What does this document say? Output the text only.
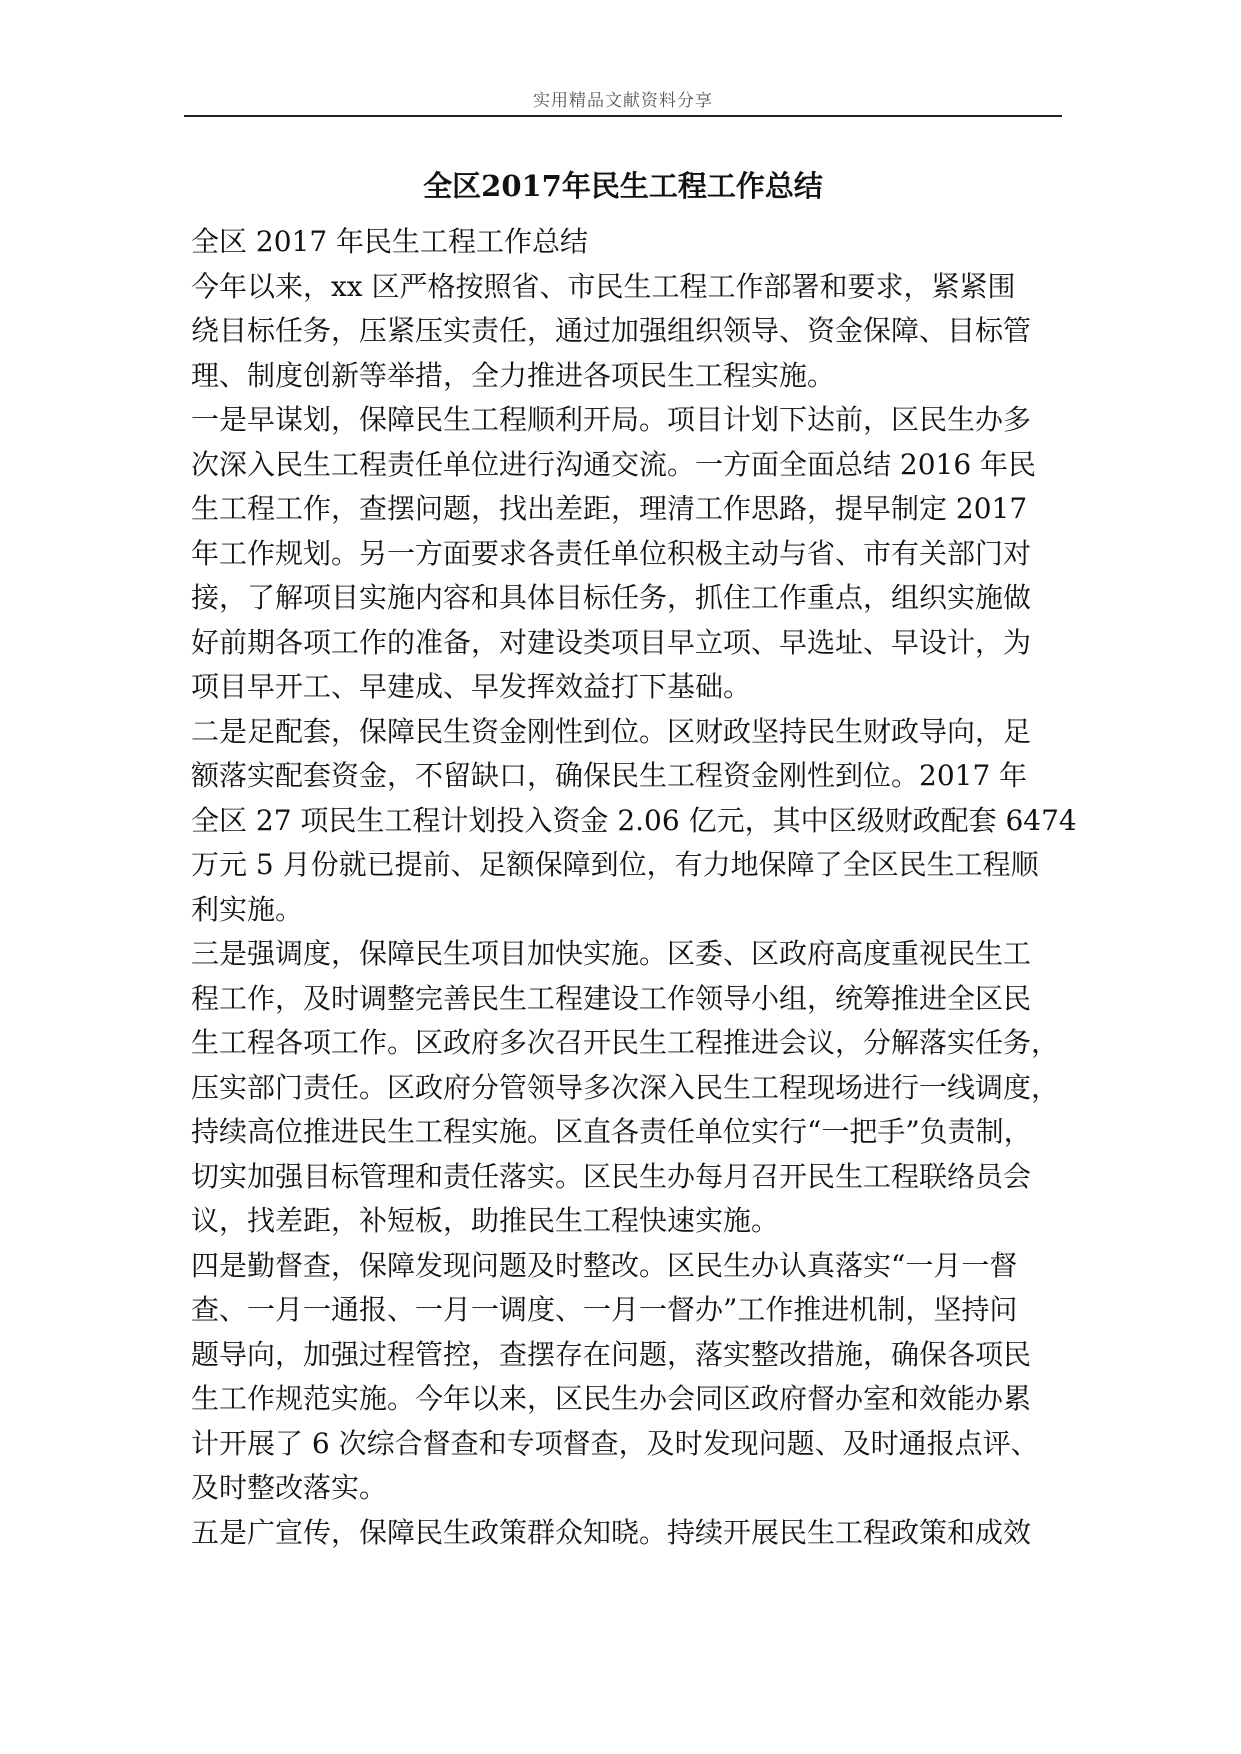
实用精品文献资料分享
全区2017年民生工程工作总结
全区 2017 年民生工程工作总结
今年以来，xx 区严格按照省、市民生工程工作部署和要求，紧紧围
绕目标任务，压紧压实责任，通过加强组织领导、资金保障、目标管
理、制度创新等举措，全力推进各项民生工程实施。
一是早谋划，保障民生工程顺利开局。项目计划下达前，区民生办多
次深入民生工程责任单位进行沟通交流。一方面全面总结 2016 年民
生工程工作，查摆问题，找出差距，理清工作思路，提早制定 2017
年工作规划。另一方面要求各责任单位积极主动与省、市有关部门对
接，了解项目实施内容和具体目标任务，抓住工作重点，组织实施做
好前期各项工作的准备，对建设类项目早立项、早选址、早设计，为
项目早开工、早建成、早发挥效益打下基础。
二是足配套，保障民生资金刚性到位。区财政坚持民生财政导向，足
额落实配套资金，不留缺口，确保民生工程资金刚性到位。2017 年
全区 27 项民生工程计划投入资金 2.06 亿元，其中区级财政配套 6474
万元 5 月份就已提前、足额保障到位，有力地保障了全区民生工程顺
利实施。
三是强调度，保障民生项目加快实施。区委、区政府高度重视民生工
程工作，及时调整完善民生工程建设工作领导小组，统筹推进全区民
生工程各项工作。区政府多次召开民生工程推进会议，分解落实任务，
压实部门责任。区政府分管领导多次深入民生工程现场进行一线调度，
持续高位推进民生工程实施。区直各责任单位实行“一把手”负责制，
切实加强目标管理和责任落实。区民生办每月召开民生工程联络员会
议，找差距，补短板，助推民生工程快速实施。
四是勤督查，保障发现问题及时整改。区民生办认真落实“一月一督
查、一月一通报、一月一调度、一月一督办”工作推进机制，坚持问
题导向，加强过程管控，查摆存在问题，落实整改措施，确保各项民
生工作规范实施。今年以来，区民生办会同区政府督办室和效能办累
计开展了 6 次综合督查和专项督查，及时发现问题、及时通报点评、
及时整改落实。
五是广宣传，保障民生政策群众知晓。持续开展民生工程政策和成效
